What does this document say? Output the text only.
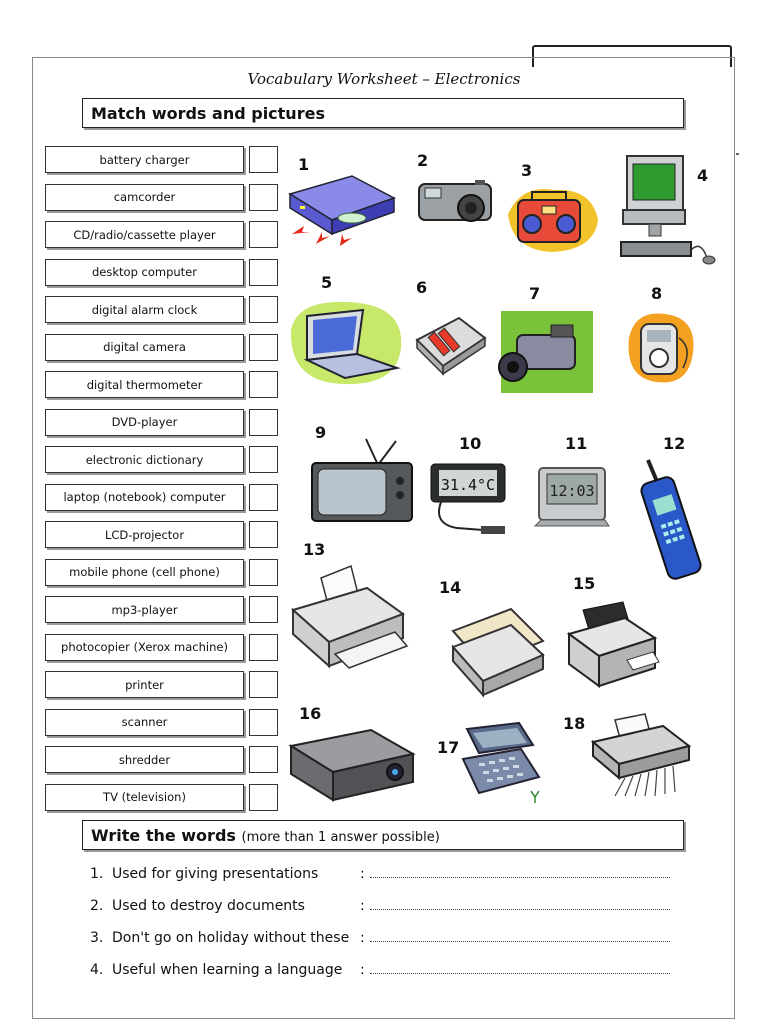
Vocabulary Worksheet – Electronics
Match words and pictures
battery charger
camcorder
CD/radio/cassette player
desktop computer
digital alarm clock
digital camera
digital thermometer
DVD-player
electronic dictionary
laptop (notebook) computer
LCD-projector
mobile phone (cell phone)
mp3-player
photocopier (Xerox machine)
printer
scanner
shredder
TV (television)
1	2
3	4
5	6	7	8
9
10	11	12
13
14	15
16
17
18
31.4°C	12:03
Write the words (more than 1 answer possible)
1. Used for giving presentations	:
2. Used to destroy documents	:
3. Don't go on holiday without these :
4. Useful when learning a language :
